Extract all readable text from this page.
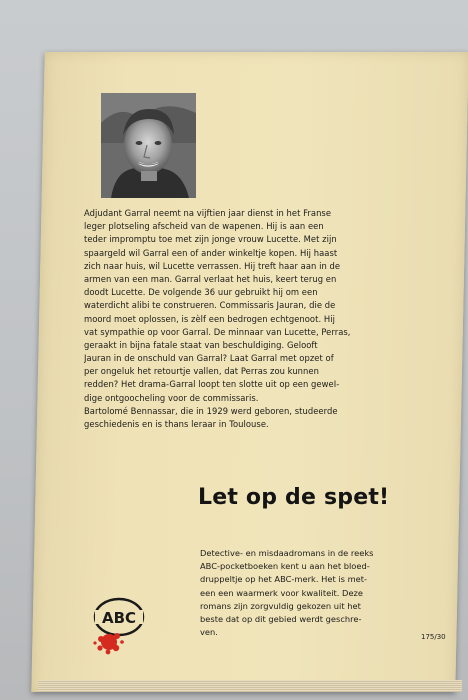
Adjudant Garral neemt na vijftien jaar dienst in het Franse
leger plotseling afscheid van de wapenen. Hij is aan een
teder impromptu toe met zijn jonge vrouw Lucette. Met zijn
spaargeld wil Garral een of ander winkeltje kopen. Hij haast
zich naar huis, wil Lucette verrassen. Hij treft haar aan in de
armen van een man. Garral verlaat het huis, keert terug en
doodt Lucette. De volgende 36 uur gebruikt hij om een
waterdicht alibi te construeren. Commissaris Jauran, die de
moord moet oplossen, is zèlf een bedrogen echtgenoot. Hij
vat sympathie op voor Garral. De minnaar van Lucette, Perras,
geraakt in bijna fatale staat van beschuldiging. Gelooft
Jauran in de onschuld van Garral? Laat Garral met opzet of
per ongeluk het retourtje vallen, dat Perras zou kunnen
redden? Het drama-Garral loopt ten slotte uit op een geweI-
dige ontgoocheling voor de commissaris.
Bartolomé Bennassar, die in 1929 werd geboren, studeerde
geschiedenis en is thans leraar in Toulouse.
Let op de spet!
Detective- en misdaadromans in de reeks
ABC-pocketboeken kent u aan het bloed-
druppeltje op het ABC-merk. Het is met-
een een waarmerk voor kwaliteit. Deze
romans zijn zorgvuldig gekozen uit het
beste dat op dit gebied werdt geschre-
ven.
ABC
175/30
